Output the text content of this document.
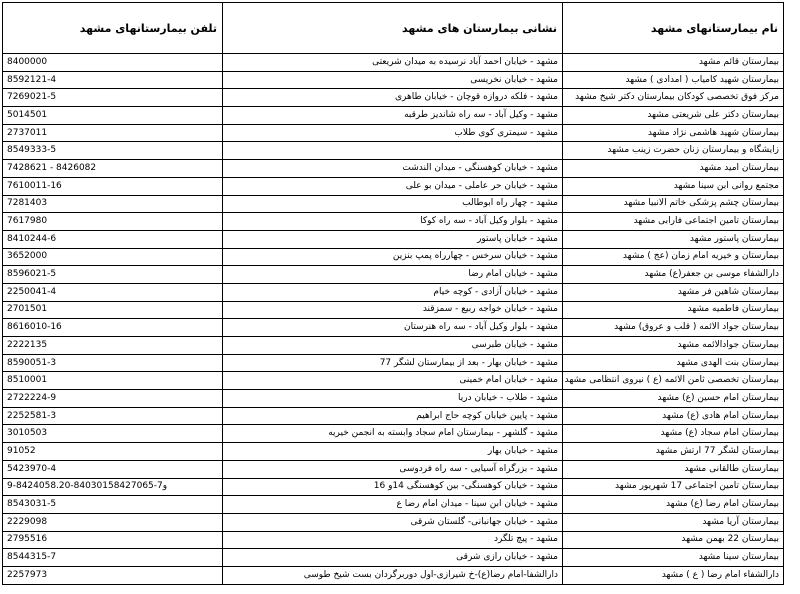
نام بیمارستانهای مشهد	نشانی بیمارستان های مشهد	تلفن بیمارستانهای مشهد
بیمارستان قائم مشهد	مشهد - خیابان احمد آباد نرسیده به میدان شریعتی	8400000
بیمارستان شهید کامیاب ( امدادی ) مشهد	مشهد - خیابان نخریسی	8592121-4
مرکز فوق تخصصی کودکان بیمارستان دکتر شیخ مشهد	مشهد - فلکه دروازه قوچان - خیابان طاهری	7269021-5
بیمارستان دکتر علی شریعتی مشهد	مشهد - وکیل آباد - سه راه شاندیز طرقبه	5014501
بیمارستان شهید هاشمی نژاد مشهد	مشهد - سیمتری کوی طلاب	2737011
زایشگاه و بیمارستان زنان حضرت زینب مشهد		8549333-5
بیمارستان امید مشهد	مشهد - خیابان کوهسنگی - میدان الندشت	7428621 - 8426082
مجتمع روانی ابن سینا مشهد	مشهد - خیابان حر عاملی - میدان بو علی	7610011-16
بیمارستان چشم پزشکی خاتم الانبیا مشهد	مشهد - چهار راه ابوطالب	7281403
بیمارستان تامین اجتماعی فارابی مشهد	مشهد - بلوار وکیل آباد - سه راه کوکا	7617980
بیمارستان پاستور مشهد	مشهد - خیابان پاستور	8410244-6
بیمارستان و خیریه امام زمان (عج ) مشهد	مشهد - خیابان سرخس - چهارراه پمپ بنزین	3652000
دارالشفاء موسی بن جعفر(ع) مشهد	مشهد - خیابان امام رضا	8596021-5
بیمارستان شاهین فر مشهد	مشهد - خیابان آزادی - کوچه خیام	2250041-4
بیمارستان فاطمیه مشهد	مشهد - خیابان خواجه ربیع - سمزقند	2701501
بیمارستان جواد الائمه ( قلب و عروق) مشهد	مشهد - بلوار وکیل آباد - سه راه هنرستان	8616010-16
بیمارستان جوادالائمه مشهد	مشهد - خیابان طبرسی	2222135
بیمارستان بنت الهدی مشهد	مشهد - خیابان بهار - بعد از بیمارستان لشگر 77	8590051-3
بیمارستان تخصصی ثامن الائمه (ع ) نیروی انتظامی مشهد	مشهد - خیابان امام خمینی	8510001
بیمارستان امام حسین (ع) مشهد	مشهد - طلاب - خیابان دریا	2722224-9
بیمارستان امام هادی (ع) مشهد	مشهد - پایین خیابان کوچه حاج ابراهیم	2252581-3
بیمارستان امام سجاد (ع) مشهد	مشهد - گلشهر - بیمارستان امام سجاد وابسته به انجمن خیریه	3010503
بیمارستان لشگر 77 ارتش مشهد	مشهد - خیابان بهار	91052
بیمارستان طالقانی مشهد	مشهد - بزرگراه آسیایی - سه راه فردوسی	5423970-4
بیمارستان تامین اجتماعی 17 شهریور مشهد	مشهد - خیابان کوهسنگی- بین کوهسنگی 14و 16	9-8424058.20-84030158427065-7و
بیمارستان امام رضا (ع) مشهد	مشهد - خیابان ابن سینا - میدان امام رضا ع	8543031-5
بیمارستان آریا مشهد	مشهد - خیابان جهانبانی- گلستان شرقی	2229098
بیمارستان 22 بهمن مشهد	مشهد - پیچ تلگرد	2795516
بیمارستان سینا مشهد	مشهد - خیابان رازی شرقی	8544315-7
دارالشفاء امام رضا ( ع ) مشهد	دارالشفا-امام رضا(ع)-خ شیرازی-اول دوربرگردان بست شیخ طوسی	2257973
